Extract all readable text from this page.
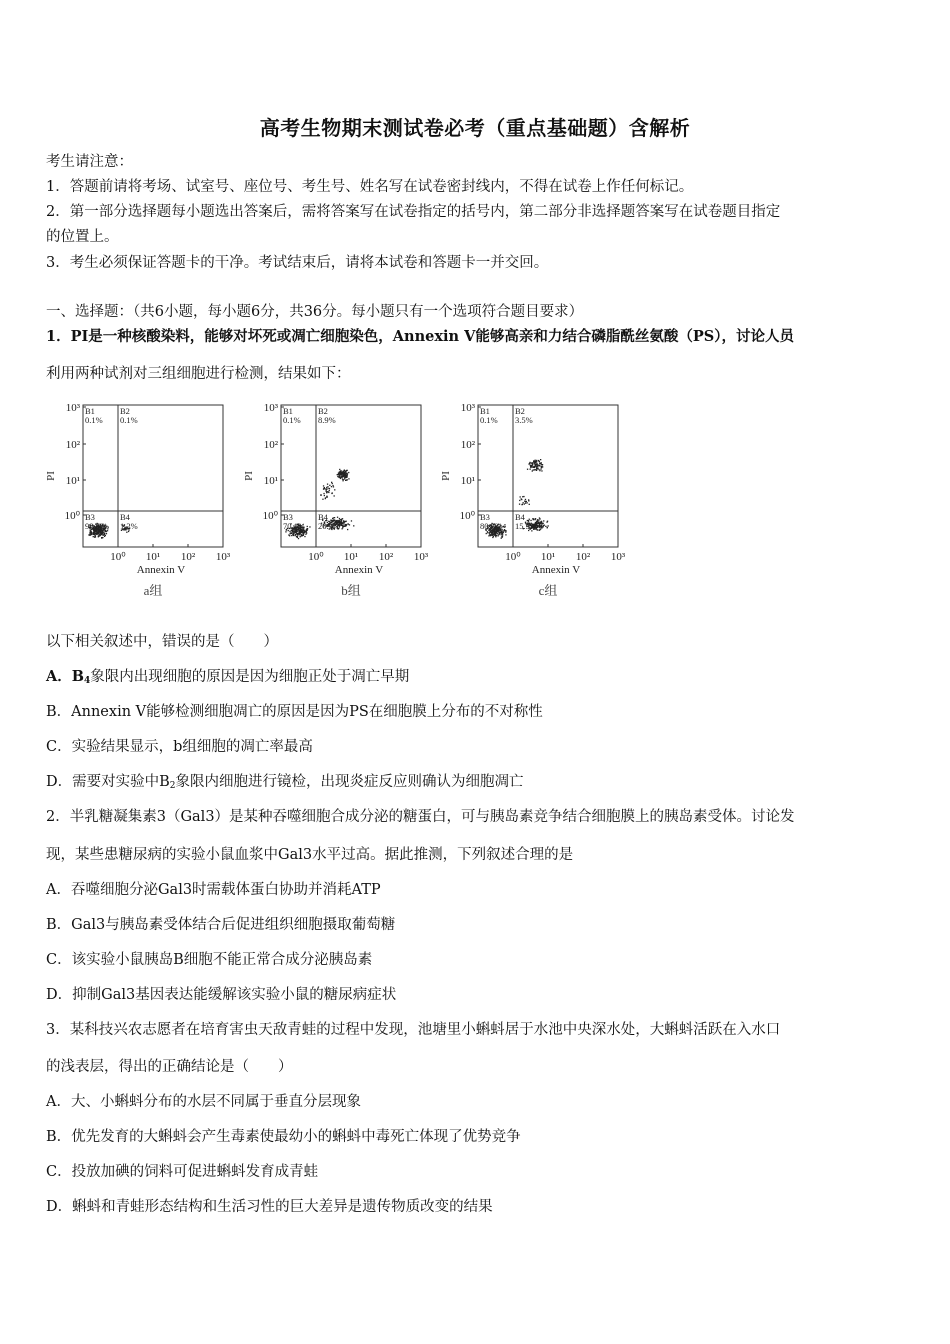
高考生物期末测试卷必考（重点基础题）含解析
考生请注意：
1．答题前请将考场、试室号、座位号、考生号、姓名写在试卷密封线内，不得在试卷上作任何标记。
2．第一部分选择题每小题选出答案后，需将答案写在试卷指定的括号内，第二部分非选择题答案写在试卷题目指定
的位置上。
3．考生必须保证答题卡的干净。考试结束后，请将本试卷和答题卡一并交回。
一、选择题：（共6小题，每小题6分，共36分。每小题只有一个选项符合题目要求）
1．PI是一种核酸染料，能够对坏死或凋亡细胞染色，Annexin V能够高亲和力结合磷脂酰丝氨酸（PS），讨论人员
利用两种试剂对三组细胞进行检测，结果如下：
B1
0.1%
B2
0.1%
B3
98.6%
B4
1.2%
10³
10²
10¹
10⁰
10⁰ 10¹ 10² 10³
Annexin V
PI
a组
B1
0.1%
B2
8.9%
B3
70.1%
B4
20.9%
10³
10²
10¹
10⁰
10⁰ 10¹ 10² 10³
Annexin V
PI
b组
B1
0.1%
B2
3.5%
B3
80.9%
B4
15.5%
10³
10²
10¹
10⁰
10⁰ 10¹ 10² 10³
Annexin V
PI
c组
以下相关叙述中，错误的是（　　）
A．$B_4$象限内出现细胞的原因是因为细胞正处于凋亡早期
B．Annexin V能够检测细胞凋亡的原因是因为PS在细胞膜上分布的不对称性
C．实验结果显示，b组细胞的凋亡率最高
D．需要对实验中$B_2$象限内细胞进行镜检，出现炎症反应则确认为细胞凋亡
2．半乳糖凝集素3（Gal3）是某种吞噬细胞合成分泌的糖蛋白，可与胰岛素竞争结合细胞膜上的胰岛素受体。讨论发
现，某些患糖尿病的实验小鼠血浆中Gal3水平过高。据此推测，下列叙述合理的是
A．吞噬细胞分泌Gal3时需载体蛋白协助并消耗ATP
B．Gal3与胰岛素受体结合后促进组织细胞摄取葡萄糖
C．该实验小鼠胰岛B细胞不能正常合成分泌胰岛素
D．抑制Gal3基因表达能缓解该实验小鼠的糖尿病症状
3．某科技兴农志愿者在培育害虫天敌青蛙的过程中发现，池塘里小蝌蚪居于水池中央深水处，大蝌蚪活跃在入水口
的浅表层，得出的正确结论是（　　）
A．大、小蝌蚪分布的水层不同属于垂直分层现象
B．优先发育的大蝌蚪会产生毒素使最幼小的蝌蚪中毒死亡体现了优势竞争
C．投放加碘的饲料可促进蝌蚪发育成青蛙
D．蝌蚪和青蛙形态结构和生活习性的巨大差异是遗传物质改变的结果
